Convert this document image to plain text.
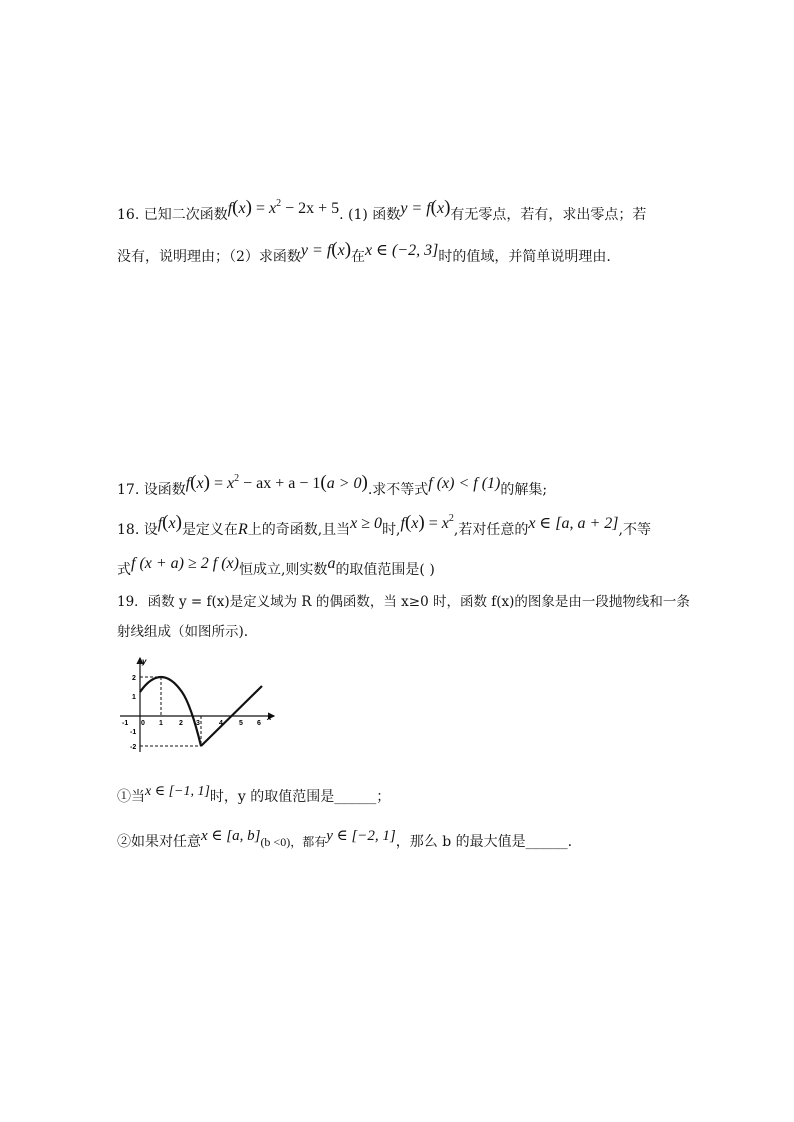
16. 已知二次函数$f(x) = x^2 - 2x + 5$. (1) 函数y = f(x)有无零点，若有，求出零点；若
没有，说明理由；（2）求函数y = f(x)在x ∈ (−2, 3]时的值域，并简单说明理由.
17. 设函数$f(x) = x^2$ − ax + a − 1(a > 0).求不等式f (x) < f (1)的解集;
18. 设f(x)是定义在R上的奇函数,且当x ≥ 0时$,f(x) = x^2$,若对任意的x ∈ [a, a + 2],不等
式f (x + a) ≥ 2 f (x)恒成立,则实数a的取值范围是( )
19．函数 y = f(x)是定义域为 R 的偶函数，当 x≥0 时，函数 f(x)的图象是由一段抛物线和一条
射线组成（如图所示).
y
x
0
-1	1 2 3	4 5 6
2
1
-1
-2
①当x ∈ [−1, 1]时，y 的取值范围是______；
②如果对任意x ∈ [a, b](b <0)，都有y ∈ [−2, 1]，那么 b 的最大值是______.
